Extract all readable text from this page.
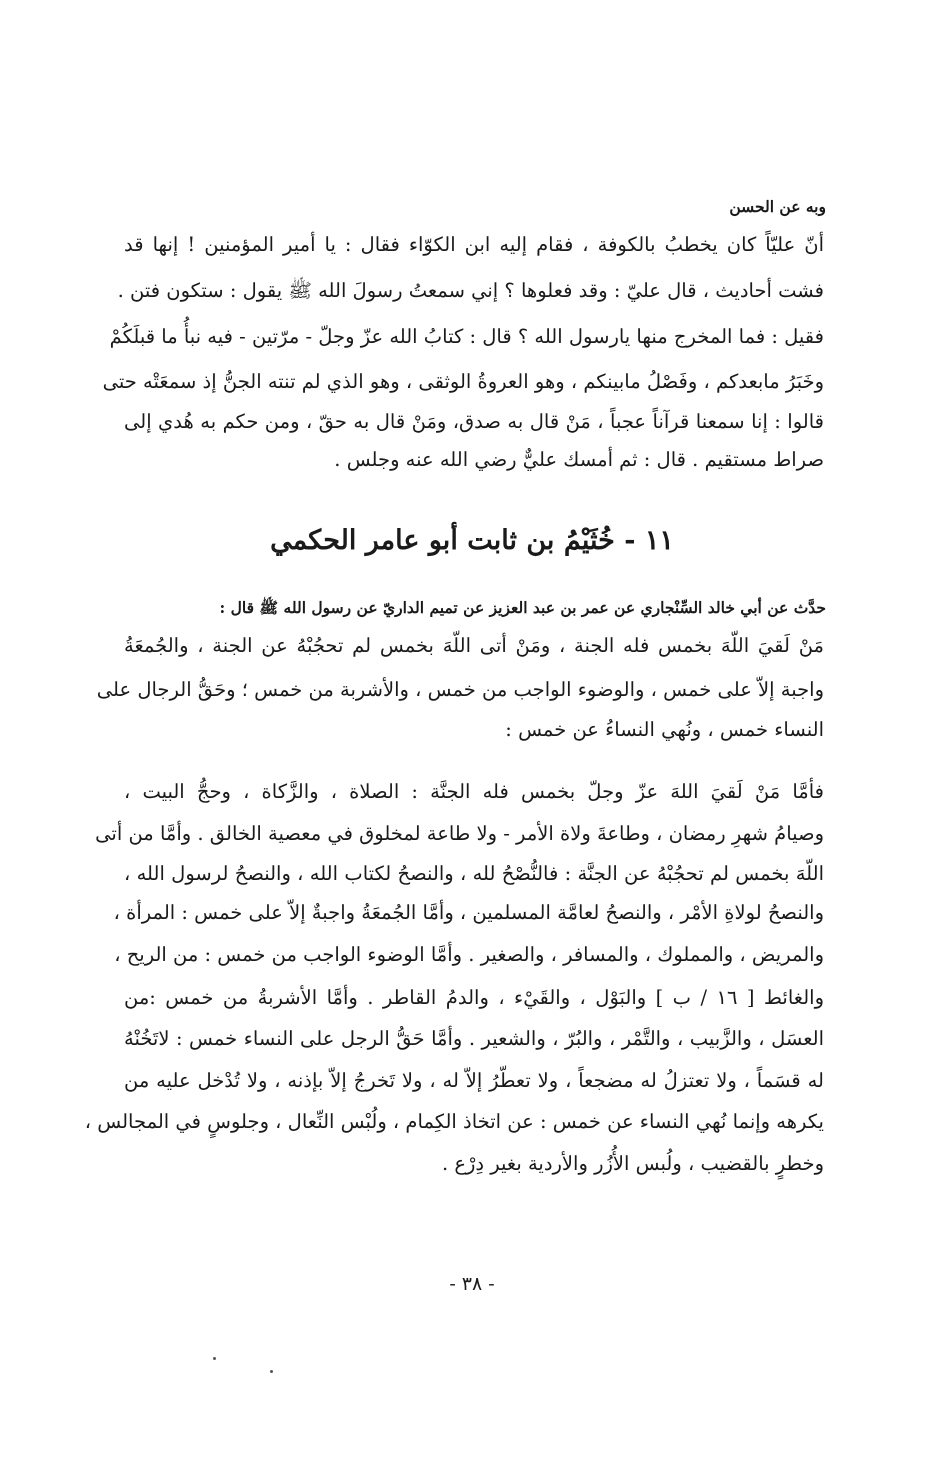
وبه عن الحسن
أنّ عليّاً كان يخطبُ بالكوفة ، فقام إليه ابن الكوّاء فقال : يا أمير المؤمنين ! إنها قد
فشت أحاديث ، قال عليّ : وقد فعلوها ؟ إني سمعتُ رسولَ الله ﷺ يقول : ستكون فتن .
فقيل : فما المخرج منها يارسول الله ؟ قال : كتابُ الله عزّ وجلّ - مرّتين - فيه نبأُ ما قبلَكُمْ
وخَبَرُ مابعدكم ، وفَصْلُ مابينكم ، وهو العروةُ الوثقى ، وهو الذي لم تنته الجنُّ إذ سمعَتْه حتى
قالوا : إنا سمعنا قرآناً عجباً ، مَنْ قال به صدق، ومَنْ قال به حقّ ، ومن حكم به هُدي إلى
صراط مستقيم . قال : ثم أمسك عليٌّ رضي الله عنه وجلس .
١١ - خُثَيْمُ بن ثابت أبو عامر الحكمي
حدَّث عن أبي خالد السِّنْجاري عن عمر بن عبد العزيز عن تميم الداريّ عن رسول الله ﷺ قال :
مَنْ لَقيَ اللّهَ بخمس فله الجنة ، ومَنْ أتى اللّهَ بخمس لم تحجُبْهُ عن الجنة ، والجُمعَةُ
واجبة إلاّ على خمس ، والوضوء الواجب من خمس ، والأشربة من خمس ؛ وحَقُّ الرجال على
النساء خمس ، ونُهي النساءُ عن خمس :
فأمَّا مَنْ لَقيَ اللهَ عزّ وجلّ بخمس فله الجنَّة : الصلاة ، والزَّكاة ، وحجُّ البيت ،
وصيامُ شهرِ رمضان ، وطاعةَ ولاة الأمر - ولا طاعة لمخلوق في معصية الخالق . وأمَّا من أتى
اللّهَ بخمس لم تحجُبْهُ عن الجنَّة : فالنُّصْحُ لله ، والنصحُ لكتاب الله ، والنصحُ لرسول الله ،
والنصحُ لولاةِ الأمْر ، والنصحُ لعامَّة المسلمين ، وأمَّا الجُمعَةُ واجبةٌ إلاّ على خمس : المرأة ،
والمريض ، والمملوك ، والمسافر ، والصغير . وأمَّا الوضوء الواجب من خمس : من الريح ،
والغائط [ ١٦ / ب ] والبَوْل ، والقَيْء ، والدمُ القاطر . وأمَّا الأشربةُ من خمس :من
العسَل ، والزَّبيب ، والتَّمْر ، والبُرّ ، والشعير . وأمَّا حَقُّ الرجل على النساء خمس : لاتَخُنْهُ
له قسَماً ، ولا تعتزلُ له مضجعاً ، ولا تعطّرُ إلاّ له ، ولا تَخرجُ إلاّ بإذنه ، ولا تُدْخل عليه من
يكرهه وإنما نُهي النساء عن خمس : عن اتخاذ الكِمام ، ولُبْس النِّعال ، وجلوسٍ في المجالس ،
وخطرٍ بالقضيب ، ولُبس الأُزُر والأردية بغير دِرْع .
- ٣٨ -
